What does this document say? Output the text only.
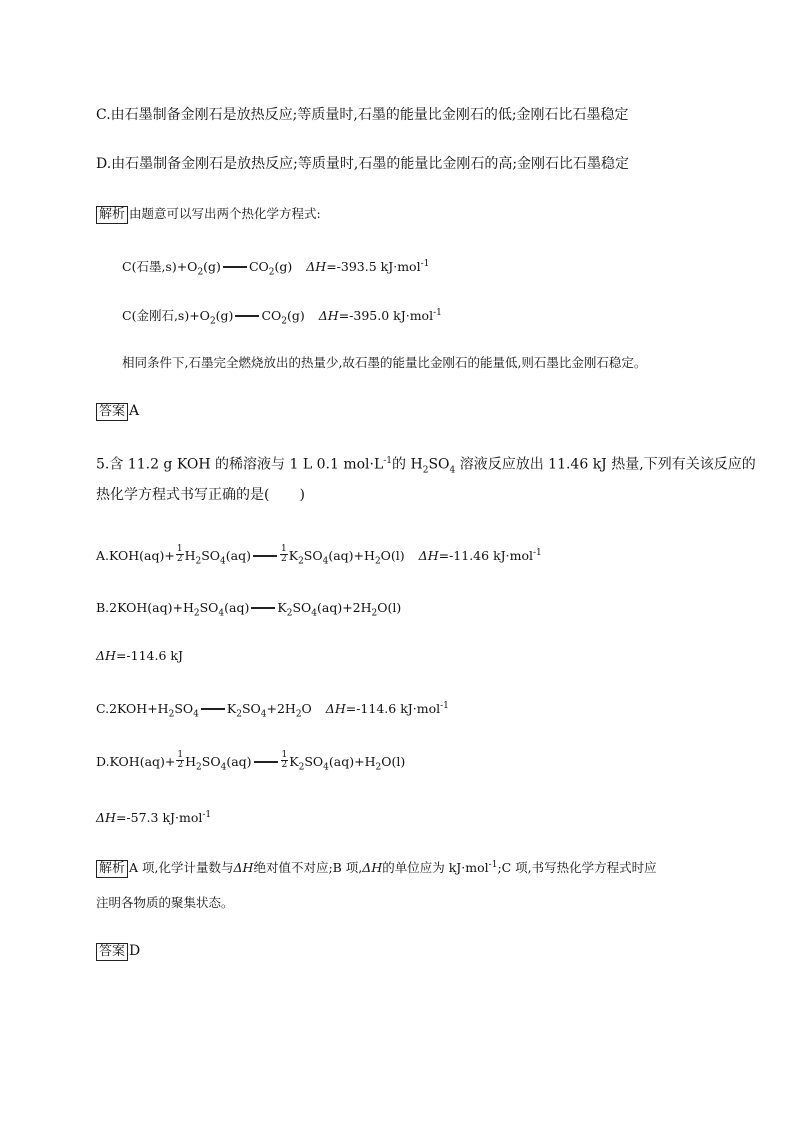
C.由石墨制备金刚石是放热反应;等质量时,石墨的能量比金刚石的低;金刚石比石墨稳定
D.由石墨制备金刚石是放热反应;等质量时,石墨的能量比金刚石的高;金刚石比石墨稳定
解析 由题意可以写出两个热化学方程式:
C(石墨$,s)+O_2(g)$ $CO_2(g)$ ΔH=-393.5 kJ·mol$^{-1}$
C(金刚石$,s)+O_2(g)$ $CO_2(g)$ ΔH=-395.0 kJ·mol$^{-1}$
相同条件下,石墨完全燃烧放出的热量少,故石墨的能量比金刚石的能量低,则石墨比金刚石稳定。
答案 A
5.含 11.2 g KOH 的稀溶液与 1 L 0.1 $mol\cdot L^{-1}$的 $H_2SO_4$ 溶液反应放出 11.46 kJ 热量,下列有关该反应的
热化学方程式书写正确的是( )
$A.KOH(aq)+ \frac{1}{2} H_2SO_4(aq)$	$\frac{1}{2} K_2SO_4(aq)+H_2O(l)$ ΔH=-11.46 kJ·mol$^{-1}$
$B.2KOH(aq)+H_2SO_4(aq)$ $K_2SO_4(aq)+2H_2O(l)$
ΔH=-114.6 kJ
$C.2KOH+H_2SO_4$ $K_2SO_4+2H_2O$ ΔH=-114.6 kJ·mol$^{-1}$
$D.KOH(aq)+ \frac{1}{2} H_2SO_4(aq)$	$\frac{1}{2} K_2SO_4(aq)+H_2O(l)$
ΔH=-57.3 kJ·mol$^{-1}$
解析 A 项,化学计量数与ΔH绝对值不对应;B 项,ΔH的单位应为 kJ·mol$^{-1}$;C 项,书写热化学方程式时应
注明各物质的聚集状态。
答案 D
